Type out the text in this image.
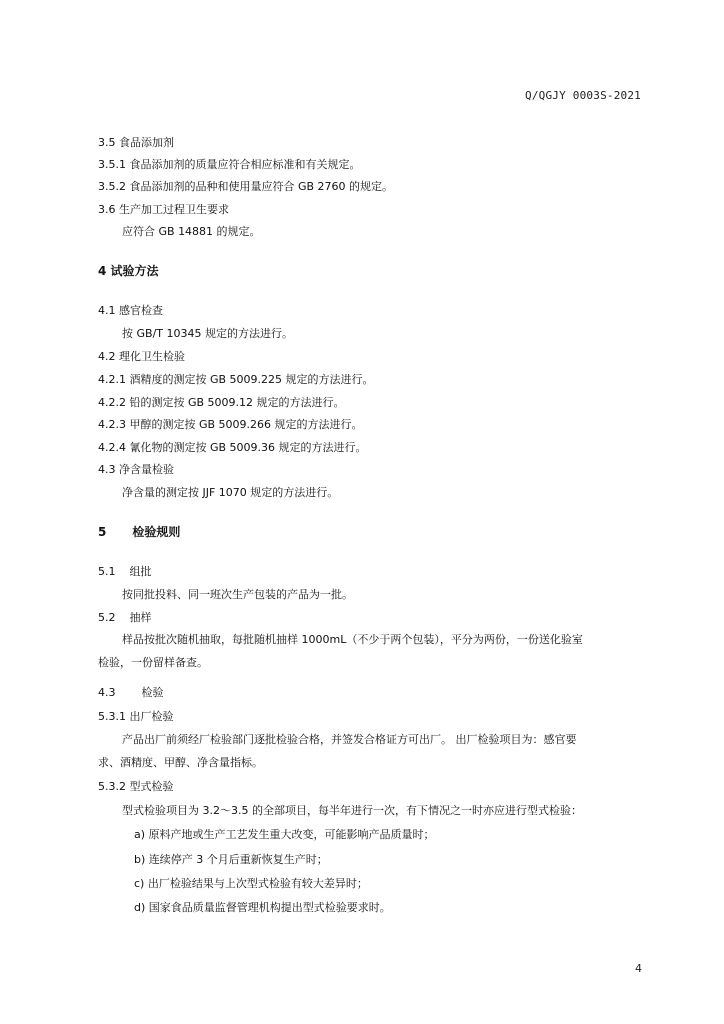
Q/QGJY 0003S-2021
3.5 食品添加剂
3.5.1 食品添加剂的质量应符合相应标准和有关规定。
3.5.2 食品添加剂的品种和使用量应符合 GB 2760 的规定。
3.6 生产加工过程卫生要求
应符合 GB 14881 的规定。
4 试验方法
4.1 感官检查
按 GB/T 10345 规定的方法进行。
4.2 理化卫生检验
4.2.1 酒精度的测定按 GB 5009.225 规定的方法进行。
4.2.2 铅的测定按 GB 5009.12 规定的方法进行。
4.2.3 甲醇的测定按 GB 5009.266 规定的方法进行。
4.2.4 氰化物的测定按 GB 5009.36 规定的方法进行。
4.3 净含量检验
净含量的测定按 JJF 1070 规定的方法进行。
5 检验规则
5.1 组批
按同批投料、同一班次生产包装的产品为一批。
5.2 抽样
样品按批次随机抽取，每批随机抽样 1000mL（不少于两个包装），平分为两份，一份送化验室
检验，一份留样备查。
4.3 检验
5.3.1 出厂检验
产品出厂前须经厂检验部门逐批检验合格，并签发合格证方可出厂。 出厂检验项目为：感官要
求、酒精度、甲醇、净含量指标。
5.3.2 型式检验
型式检验项目为 3.2～3.5 的全部项目，每半年进行一次，有下情况之一时亦应进行型式检验：
a) 原料产地或生产工艺发生重大改变，可能影响产品质量时；
b) 连续停产 3 个月后重新恢复生产时；
c) 出厂检验结果与上次型式检验有较大差异时；
d) 国家食品质量监督管理机构提出型式检验要求时。
4
